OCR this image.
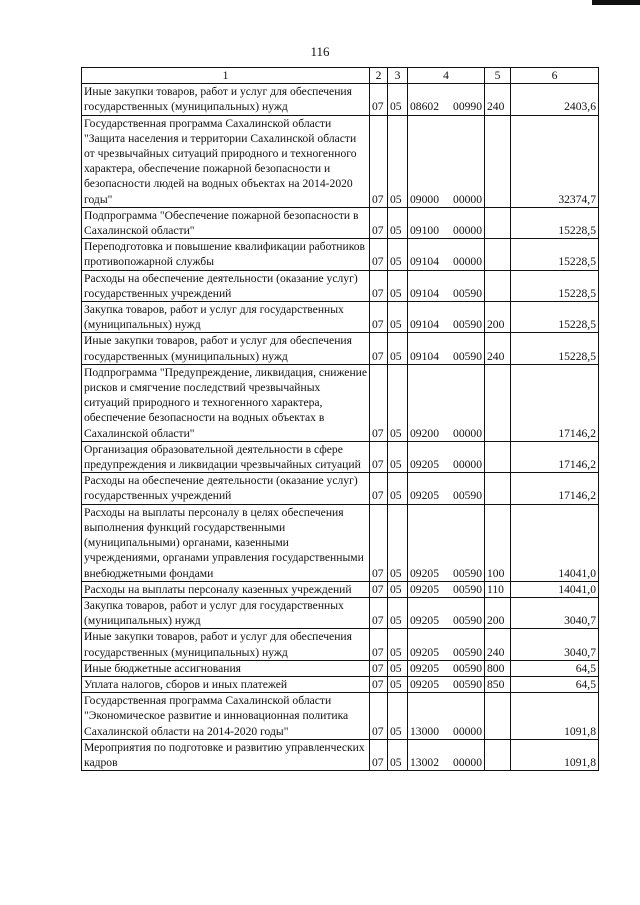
116
1	2	3	4	5	6
Иные закупки товаров, работ и услуг для обеспечения государственных (муниципальных) нужд	07	05	08602 00990	240	2403,6
Государственная программа Сахалинской области "Защита населения и территории Сахалинской области от чрезвычайных ситуаций природного и техногенного характера, обеспечение пожарной безопасности и безопасности людей на водных объектах на 2014-2020 годы"	07	05	09000 00000		32374,7
Подпрограмма "Обеспечение пожарной безопасности в Сахалинской области"	07	05	09100 00000		15228,5
Переподготовка и повышение квалификации работников противопожарной службы	07	05	09104 00000		15228,5
Расходы на обеспечение деятельности (оказание услуг) государственных учреждений	07	05	09104 00590		15228,5
Закупка товаров, работ и услуг для государственных (муниципальных) нужд	07	05	09104 00590	200	15228,5
Иные закупки товаров, работ и услуг для обеспечения государственных (муниципальных) нужд	07	05	09104 00590	240	15228,5
Подпрограмма "Предупреждение, ликвидация, снижение рисков и смягчение последствий чрезвычайных ситуаций природного и техногенного характера, обеспечение безопасности на водных объектах в Сахалинской области"	07	05	09200 00000		17146,2
Организация образовательной деятельности в сфере предупреждения и ликвидации чрезвычайных ситуаций	07	05	09205 00000		17146,2
Расходы на обеспечение деятельности (оказание услуг) государственных учреждений	07	05	09205 00590		17146,2
Расходы на выплаты персоналу в целях обеспечения выполнения функций государственными (муниципальными) органами, казенными учреждениями, органами управления государственными внебюджетными фондами	07	05	09205 00590	100	14041,0
Расходы на выплаты персоналу казенных учреждений	07	05	09205 00590	110	14041,0
Закупка товаров, работ и услуг для государственных (муниципальных) нужд	07	05	09205 00590	200	3040,7
Иные закупки товаров, работ и услуг для обеспечения государственных (муниципальных) нужд	07	05	09205 00590	240	3040,7
Иные бюджетные ассигнования	07	05	09205 00590	800	64,5
Уплата налогов, сборов и иных платежей	07	05	09205 00590	850	64,5
Государственная программа Сахалинской области "Экономическое развитие и инновационная политика Сахалинской области на 2014-2020 годы"	07	05	13000 00000		1091,8
Мероприятия по подготовке и развитию управленческих кадров	07	05	13002 00000		1091,8
